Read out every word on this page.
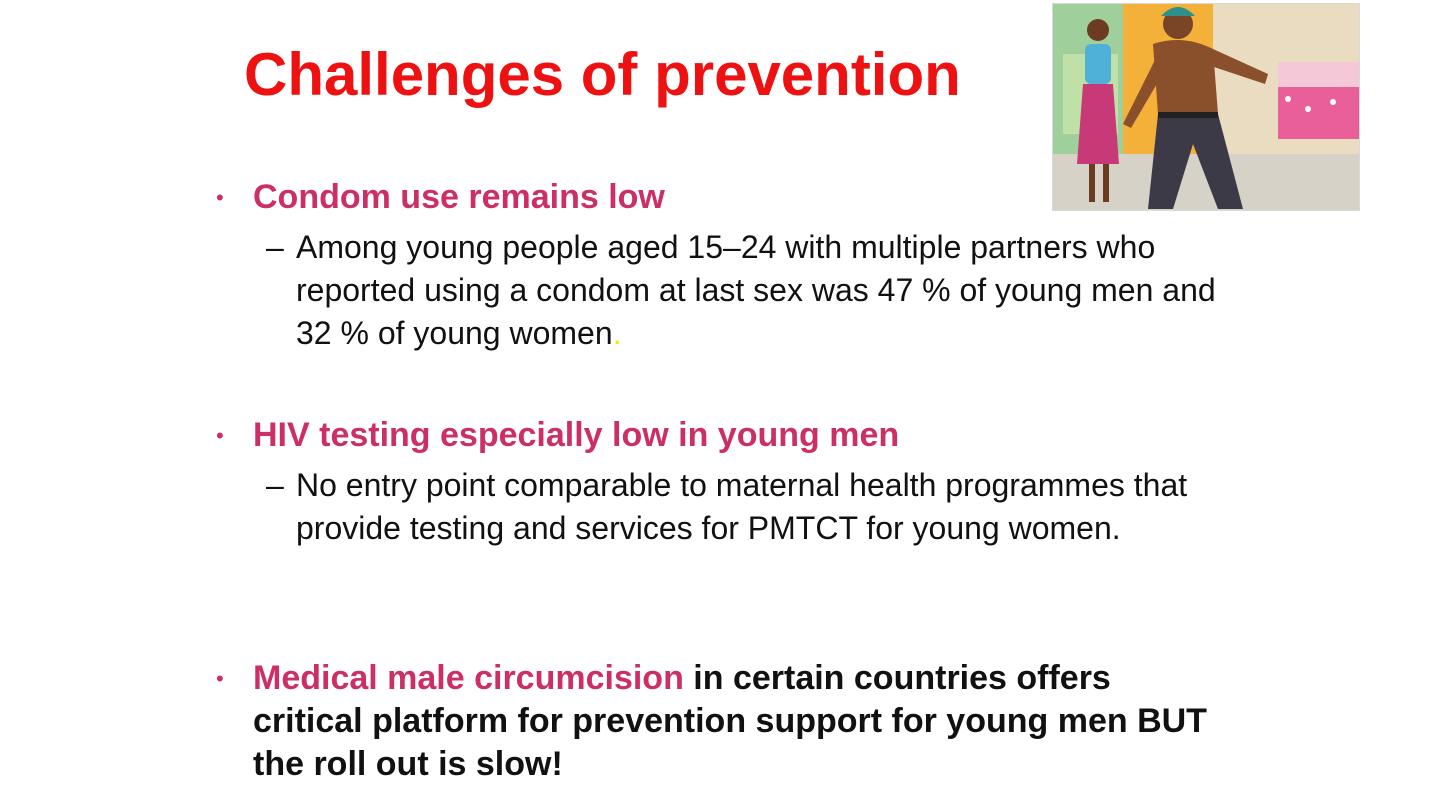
Challenges of prevention
• Condom use remains low
– Among young people aged 15–24 with multiple partners who reported using a condom at last sex was 47 % of young men and 32 % of young women.
• HIV testing especially low in young men
– No entry point comparable to maternal health programmes that provide testing and services for PMTCT for young women.
• Medical male circumcision in certain countries offers critical platform for prevention support for young men BUT the roll out is slow!
